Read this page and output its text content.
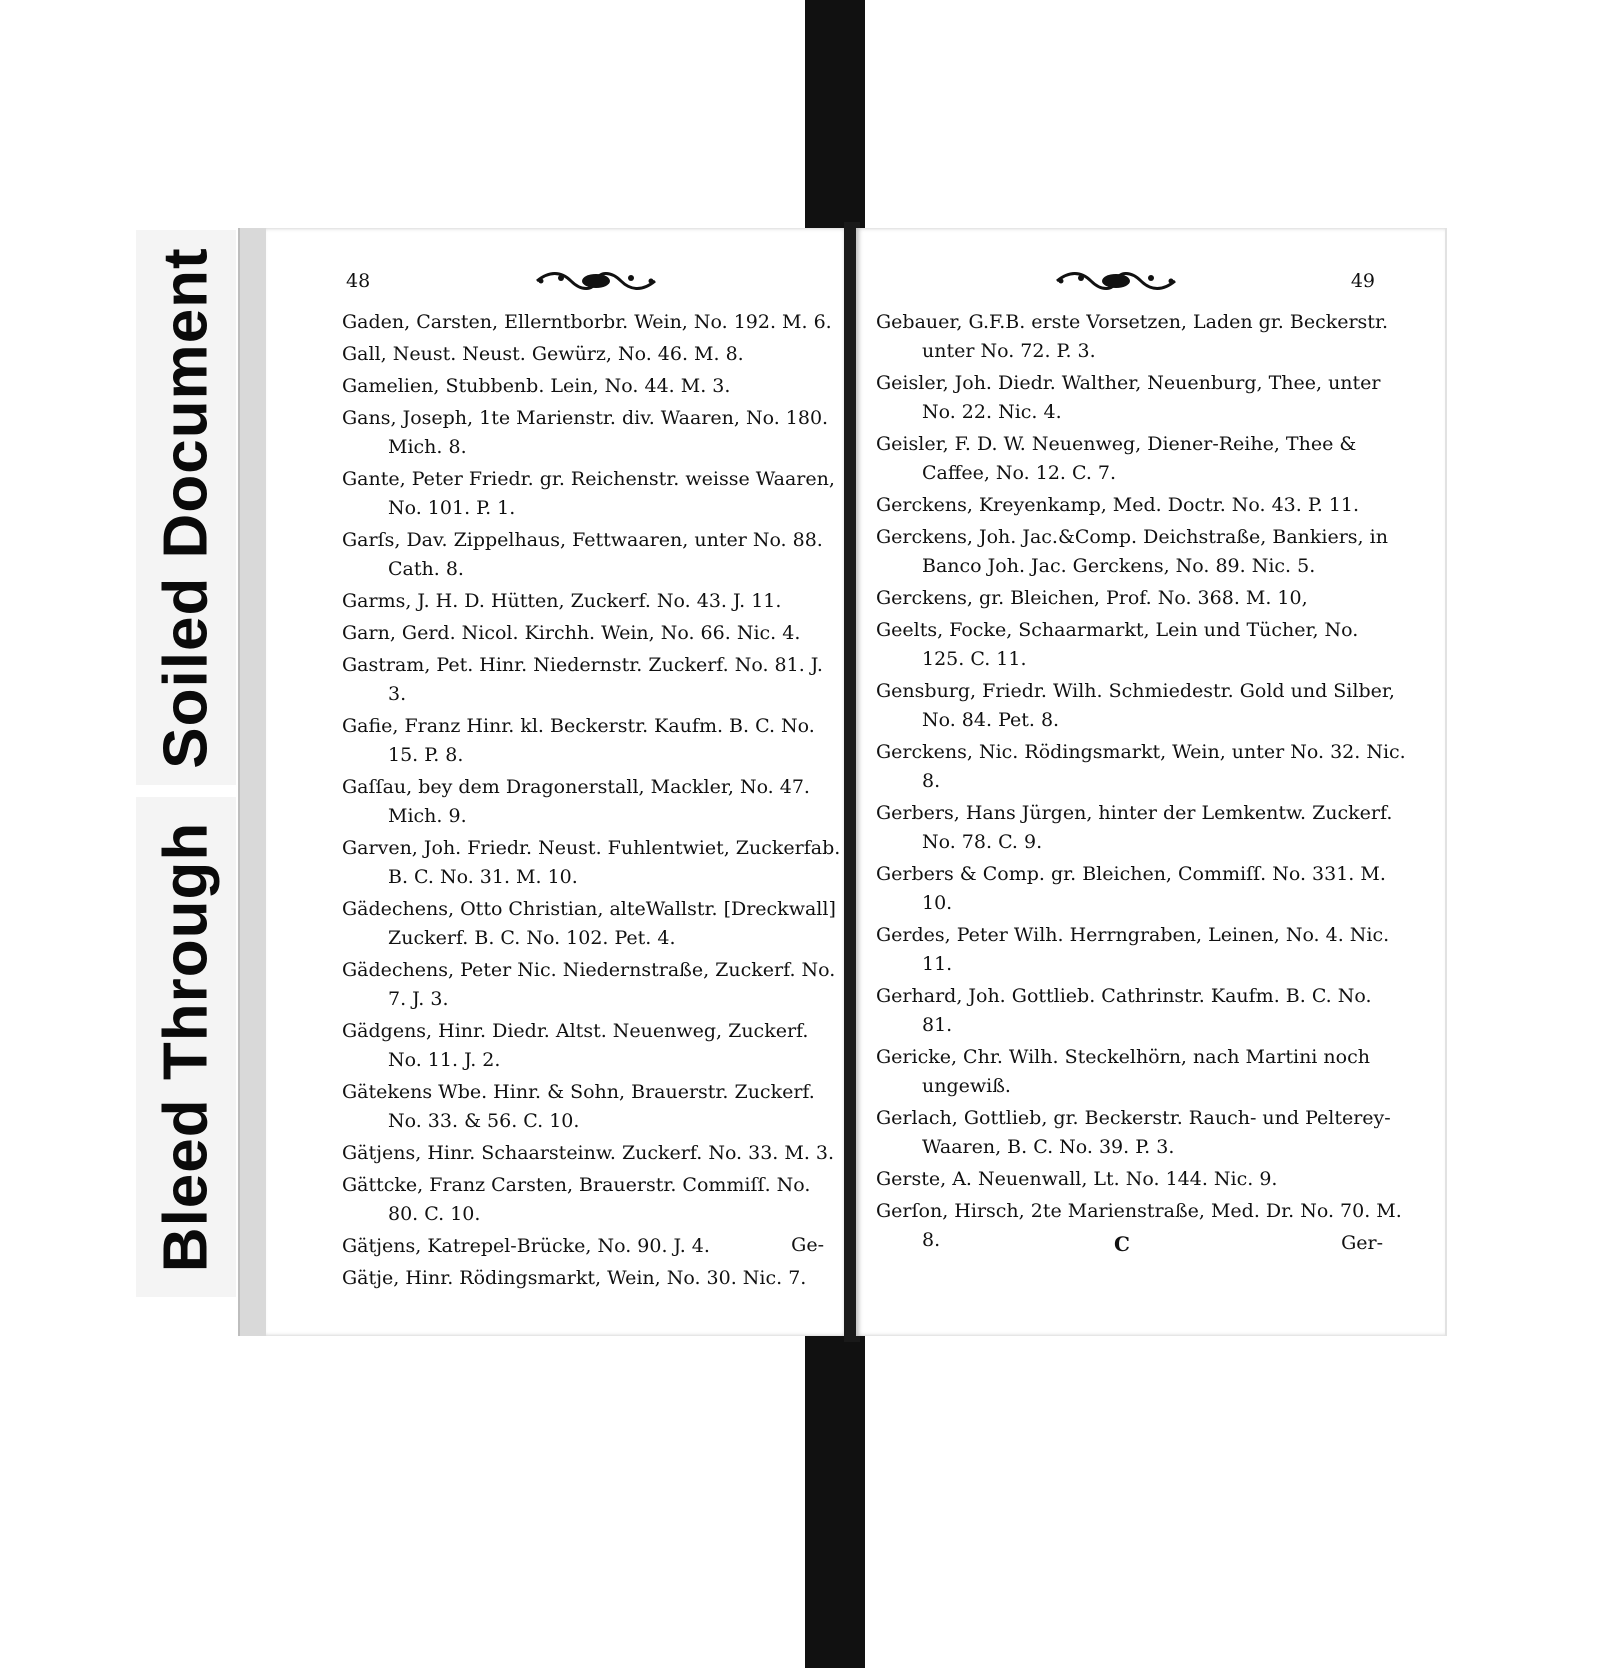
Soiled Document
Bleed Through
48
Gaden, Carsten, Ellerntborbr. Wein, No. 192. M. 6.
Gall, Neust. Neust. Gewürz, No. 46. M. 8.
Gamelien, Stubbenb. Lein, No. 44. M. 3.
Gans, Joseph, 1te Marienstr. div. Waaren, No. 180. Mich. 8.
Gante, Peter Friedr. gr. Reichenstr. weisse Waaren, No. 101. P. 1.
Garſs, Dav. Zippelhaus, Fettwaaren, unter No. 88. Cath. 8.
Garms, J. H. D. Hütten, Zuckerf. No. 43. J. 11.
Garn, Gerd. Nicol. Kirchh. Wein, No. 66. Nic. 4.
Gastram, Pet. Hinr. Niedernstr. Zuckerf. No. 81. J. 3.
Gafie, Franz Hinr. kl. Beckerstr. Kaufm. B. C. No. 15. P. 8.
Gaſſau, bey dem Dragonerstall, Mackler, No. 47. Mich. 9.
Garven, Joh. Friedr. Neust. Fuhlentwiet, Zuckerfab. B. C. No. 31. M. 10.
Gädechens, Otto Christian, alteWallstr. [Dreckwall] Zuckerf. B. C. No. 102. Pet. 4.
Gädechens, Peter Nic. Niedernstraße, Zuckerf. No. 7. J. 3.
Gädgens, Hinr. Diedr. Altst. Neuenweg, Zuckerf. No. 11. J. 2.
Gätekens Wbe. Hinr. & Sohn, Brauerstr. Zuckerf. No. 33. & 56. C. 10.
Gätjens, Hinr. Schaarsteinw. Zuckerf. No. 33. M. 3.
Gättcke, Franz Carsten, Brauerstr. Commiſſ. No. 80. C. 10.
Gätjens, Katrepel-Brücke, No. 90. J. 4.
Gätje, Hinr. Rödingsmarkt, Wein, No. 30. Nic. 7.
Ge-
49
Gebauer, G.F.B. erste Vorsetzen, Laden gr. Beckerstr. unter No. 72. P. 3.
Geisler, Joh. Diedr. Walther, Neuenburg, Thee, unter No. 22. Nic. 4.
Geisler, F. D. W. Neuenweg, Diener-Reihe, Thee & Caffee, No. 12. C. 7.
Gerckens, Kreyenkamp, Med. Doctr. No. 43. P. 11.
Gerckens, Joh. Jac.&Comp. Deichstraße, Bankiers, in Banco Joh. Jac. Gerckens, No. 89. Nic. 5.
Gerckens, gr. Bleichen, Prof. No. 368. M. 10,
Geelts, Focke, Schaarmarkt, Lein und Tücher, No. 125. C. 11.
Gensburg, Friedr. Wilh. Schmiedestr. Gold und Silber, No. 84. Pet. 8.
Gerckens, Nic. Rödingsmarkt, Wein, unter No. 32. Nic. 8.
Gerbers, Hans Jürgen, hinter der Lemkentw. Zuckerf. No. 78. C. 9.
Gerbers & Comp. gr. Bleichen, Commiſſ. No. 331. M. 10.
Gerdes, Peter Wilh. Herrngraben, Leinen, No. 4. Nic. 11.
Gerhard, Joh. Gottlieb. Cathrinstr. Kaufm. B. C. No. 81.
Gericke, Chr. Wilh. Steckelhörn, nach Martini noch ungewiß.
Gerlach, Gottlieb, gr. Beckerstr. Rauch- und Pelterey-Waaren, B. C. No. 39. P. 3.
Gerste, A. Neuenwall, Lt. No. 144. Nic. 9.
Gerſon, Hirsch, 2te Marienstraße, Med. Dr. No. 70. M. 8.	C	Ger-
